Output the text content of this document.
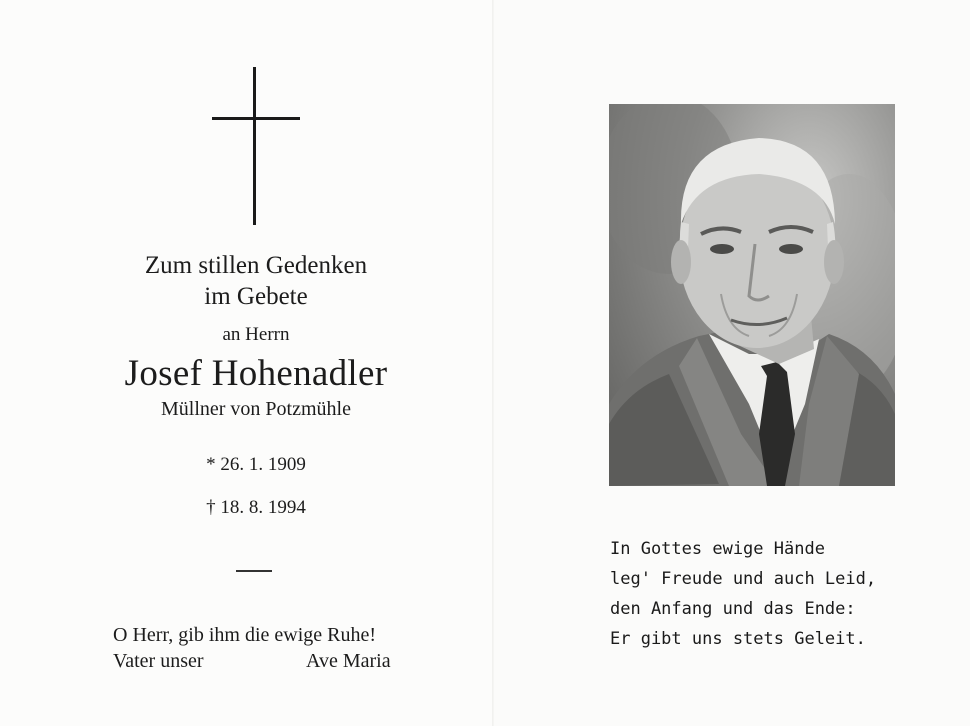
Zum stillen Gedenken
im Gebete
an Herrn
Josef Hohenadler
Müllner von Potzmühle
* 26. 1. 1909
† 18. 8. 1994
O Herr, gib ihm die ewige Ruhe!
Vater unser	Ave Maria
In Gottes ewige Hände
leg' Freude und auch Leid,
den Anfang und das Ende:
Er gibt uns stets Geleit.
